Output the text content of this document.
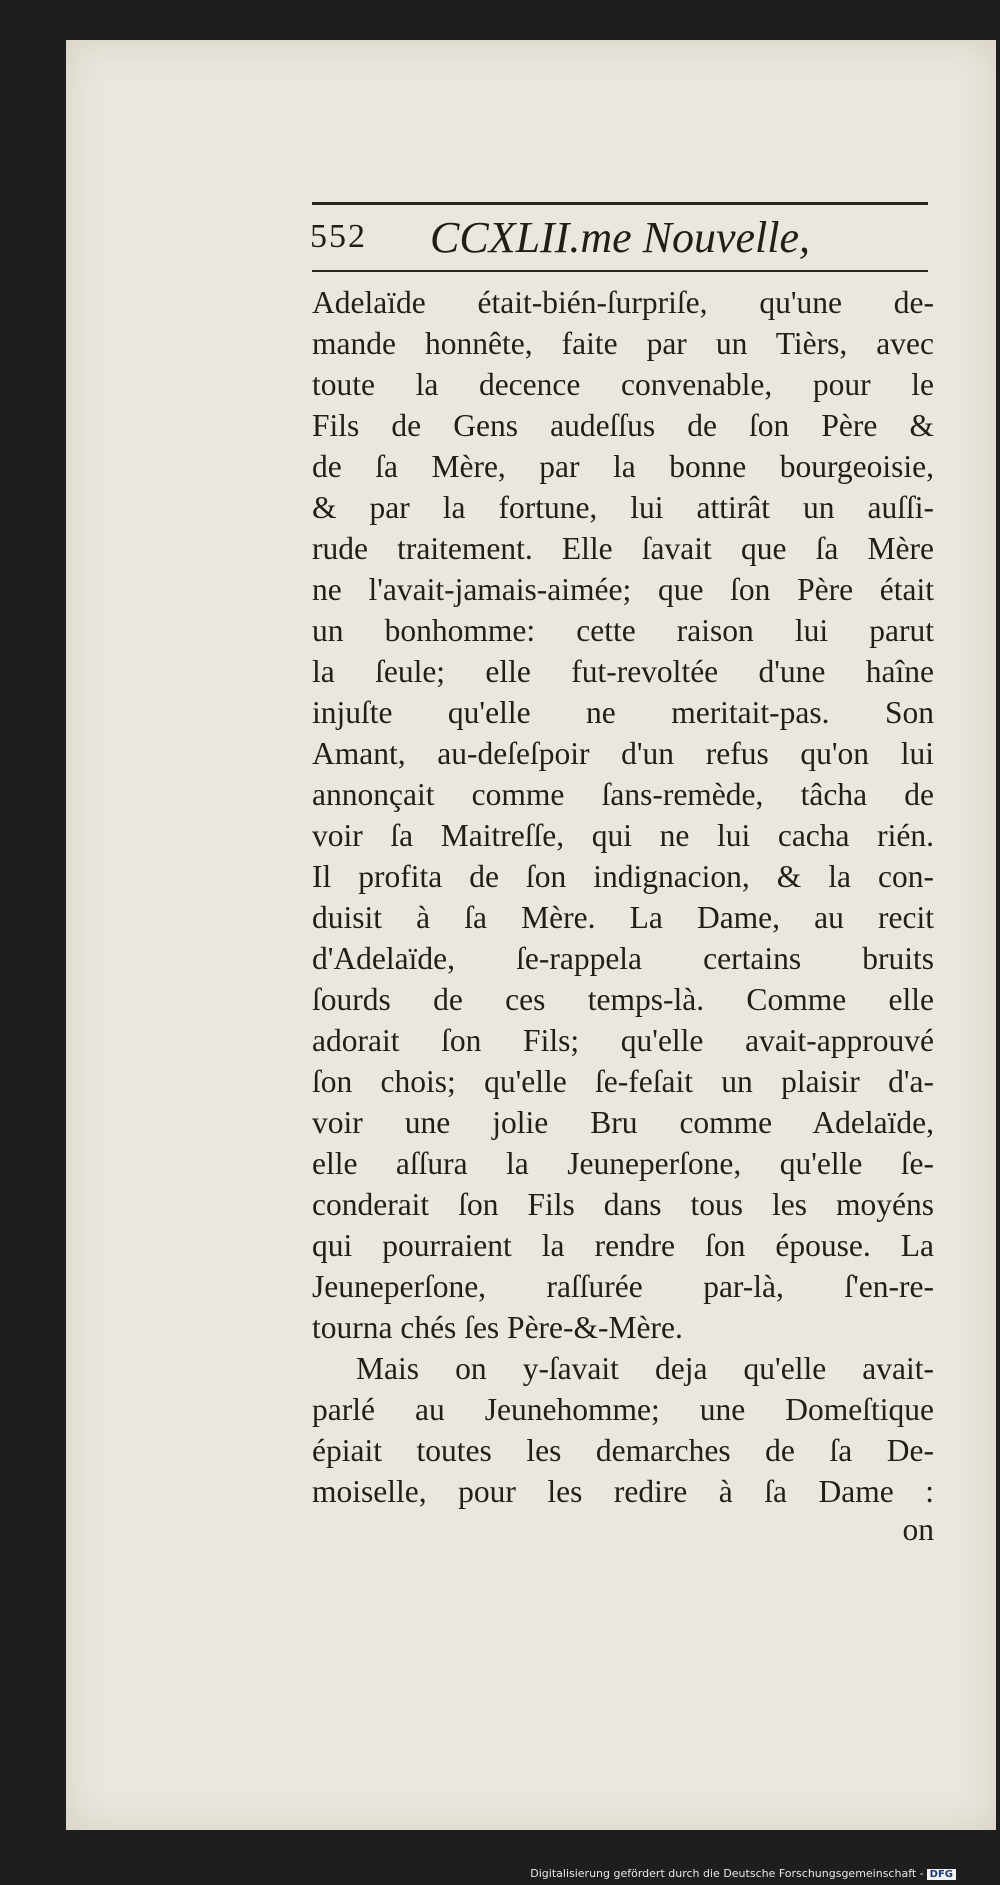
552 CCXLII.me Nouvelle,
Adelaïde était-bién-ſurpriſe, qu'une de-
mande honnête, faite par un Tièrs, avec
toute la decence convenable, pour le
Fils de Gens audeſſus de ſon Père &
de ſa Mère, par la bonne bourgeoisie,
& par la fortune, lui attirât un auſſi-
rude traitement. Elle ſavait que ſa Mère
ne l'avait-jamais-aimée; que ſon Père était
un bonhomme: cette raison lui parut
la ſeule; elle fut-revoltée d'une haîne
injuſte qu'elle ne meritait-pas. Son
Amant, au-deſeſpoir d'un refus qu'on lui
annonçait comme ſans-remède, tâcha de
voir ſa Maitreſſe, qui ne lui cacha rién.
Il profita de ſon indignacion, & la con-
duisit à ſa Mère. La Dame, au recit
d'Adelaïde, ſe-rappela certains bruits
ſourds de ces temps-là. Comme elle
adorait ſon Fils; qu'elle avait-approuvé
ſon chois; qu'elle ſe-feſait un plaisir d'a-
voir une jolie Bru comme Adelaïde,
elle aſſura la Jeuneperſone, qu'elle ſe-
conderait ſon Fils dans tous les moyéns
qui pourraient la rendre ſon épouse. La
Jeuneperſone, raſſurée par-là, ſ'en-re-
tourna chés ſes Père-&-Mère.
Mais on y-ſavait deja qu'elle avait-
parlé au Jeunehomme; une Domeſtique
épiait toutes les demarches de ſa De-
moiselle, pour les redire à ſa Dame :
on
Digitalisierung gefördert durch die Deutsche Forschungsgemeinschaft - DFG
